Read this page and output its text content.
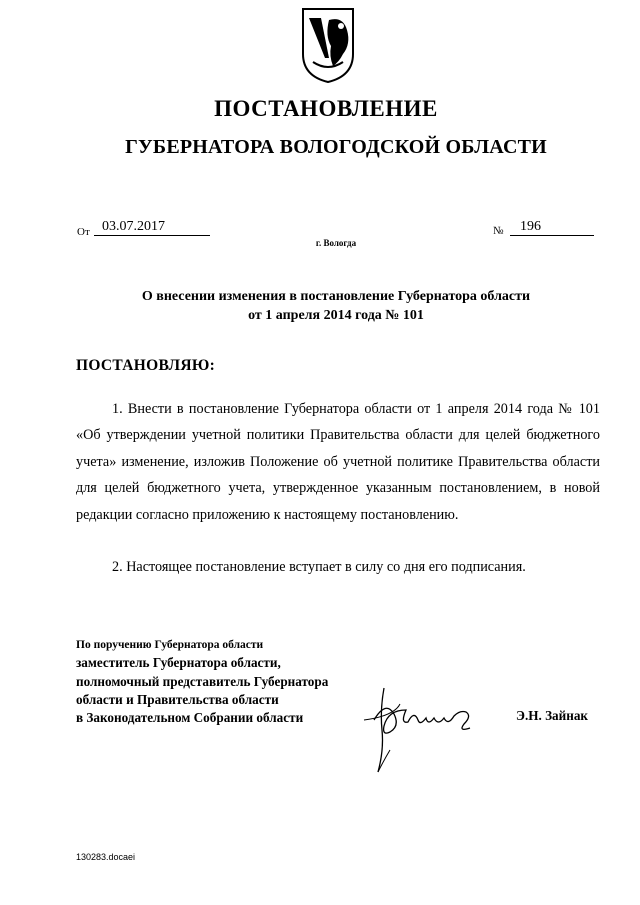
ПОСТАНОВЛЕНИЕ
ГУБЕРНАТОРА ВОЛОГОДСКОЙ ОБЛАСТИ
От 03.07.2017
г. Вологда
№	196
О внесении изменения в постановление Губернатора области
от 1 апреля 2014 года № 101
ПОСТАНОВЛЯЮ:
1. Внести в постановление Губернатора области от 1 апреля 2014 года № 101 «Об утверждении учетной политики Правительства области для целей бюджетного учета» изменение, изложив Положение об учетной политике Правительства области для целей бюджетного учета, утвержденное указанным постановлением, в новой редакции согласно приложению к настоящему постановлению.
2. Настоящее постановление вступает в силу со дня его подписания.
По поручению Губернатора области
заместитель Губернатора области,
полномочный представитель Губернатора
области и Правительства области
в Законодательном Собрании области	Э.Н. Зайнак
130283.docaei
